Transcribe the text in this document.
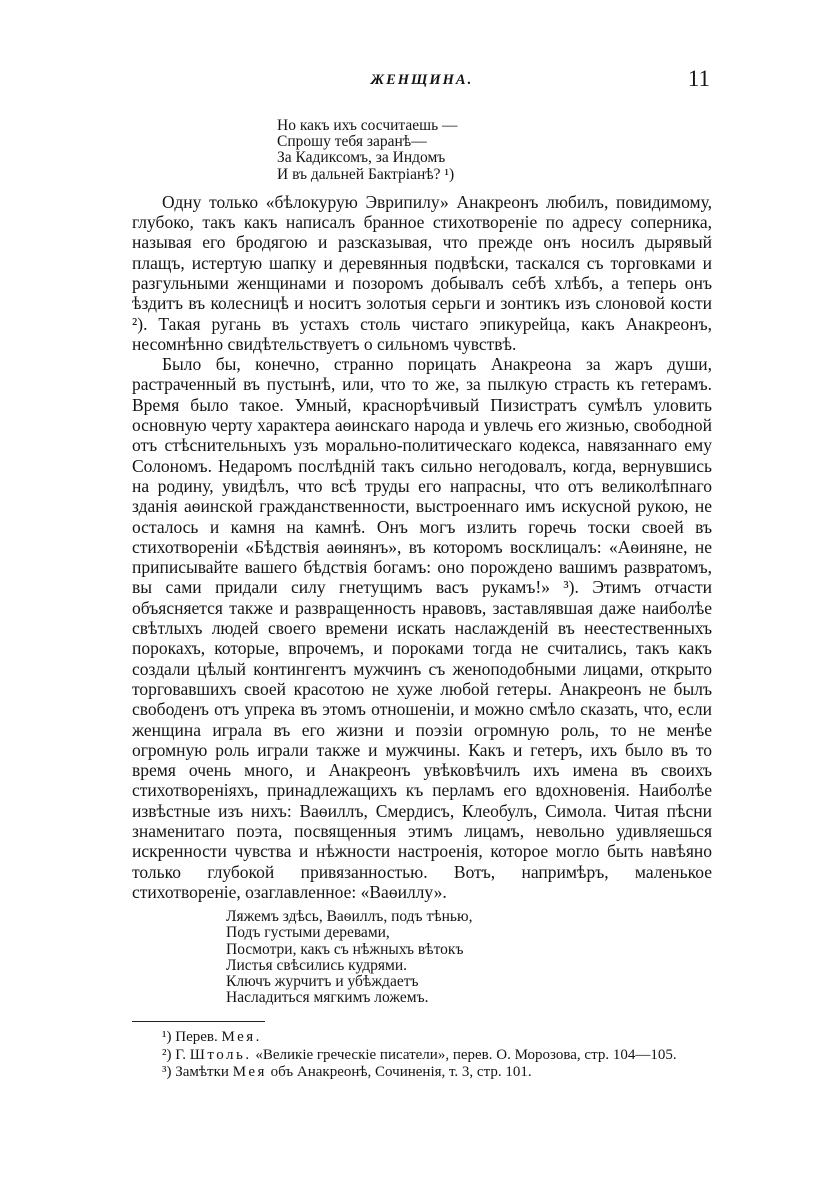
ЖЕНЩИНА.	11
Но какъ ихъ сосчитаешь —
Спрошу тебя заранѣ—
За Кадиксомъ, за Индомъ
И въ дальней Бактріанѣ? ¹)

Одну только «бѣлокурую Эврипилу» Анакреонъ любилъ, повидимому, глубоко, такъ какъ написалъ бранное стихотвореніе по адресу соперника, называя его бродягою и разсказывая, что прежде онъ носилъ дырявый плащъ, истертую шапку и деревянныя подвѣски, таскался съ торговками и разгульными женщинами и позоромъ добывалъ себѣ хлѣбъ, а теперь онъ ѣздитъ въ колесницѣ и носитъ золотыя серьги и зонтикъ изъ слоновой кости ²). Такая ругань въ устахъ столь чистаго эпикурейца, какъ Анакреонъ, несомнѣнно свидѣтельствуетъ о сильномъ чувствѣ.

Было бы, конечно, странно порицать Анакреона за жаръ души, растраченный въ пустынѣ, или, что то же, за пылкую страсть къ гетерамъ. Время было такое. Умный, краснорѣчивый Пизистратъ сумѣлъ уловить основную черту характера аѳинскаго народа и увлечь его жизнью, свободной отъ стѣснительныхъ узъ морально-политическаго кодекса, навязаннаго ему Солономъ. Недаромъ послѣдній такъ сильно негодовалъ, когда, вернувшись на родину, увидѣлъ, что всѣ труды его напрасны, что отъ великолѣпнаго зданія аѳинской гражданственности, выстроеннаго имъ искусной рукою, не осталось и камня на камнѣ. Онъ могъ излить горечь тоски своей въ стихотвореніи «Бѣдствія аѳинянъ», въ которомъ восклицалъ: «Аѳиняне, не приписывайте вашего бѣдствія богамъ: оно порождено вашимъ развратомъ, вы сами придали силу гнетущимъ васъ рукамъ!» ³). Этимъ отчасти объясняется также и развращенность нравовъ, заставлявшая даже наиболѣе свѣтлыхъ людей своего времени искать наслажденій въ неестественныхъ порокахъ, которые, впрочемъ, и пороками тогда не считались, такъ какъ создали цѣлый контингентъ мужчинъ съ женоподобными лицами, открыто торговавшихъ своей красотою не хуже любой гетеры. Анакреонъ не былъ свободенъ отъ упрека въ этомъ отношеніи, и можно смѣло сказать, что, если женщина играла въ его жизни и поэзіи огромную роль, то не менѣе огромную роль играли также и мужчины. Какъ и гетеръ, ихъ было въ то время очень много, и Анакреонъ увѣковѣчилъ ихъ имена въ своихъ стихотвореніяхъ, принадлежащихъ къ перламъ его вдохновенія. Наиболѣе извѣстные изъ нихъ: Ваѳиллъ, Смердисъ, Клеобулъ, Симола. Читая пѣсни знаменитаго поэта, посвященныя этимъ лицамъ, невольно удивляешься искренности чувства и нѣжности настроенія, которое могло быть навѣяно только глубокой привязанностью. Вотъ, напримѣръ, маленькое стихотвореніе, озаглавленное: «Ваѳиллу».

Ляжемъ здѣсь, Ваѳиллъ, подъ тѣнью,
Подъ густыми деревами,
Посмотри, какъ съ нѣжныхъ вѣтокъ
Листья свѣсились кудрями.
Ключъ журчитъ и убѣждаетъ
Насладиться мягкимъ ложемъ.

¹) Перев. Мея.

²) Г. Штоль. «Великіе греческіе писатели», перев. О. Морозова, стр. 104—105.

³) Замѣтки Мея объ Анакреонѣ, Сочиненія, т. 3, стр. 101.
